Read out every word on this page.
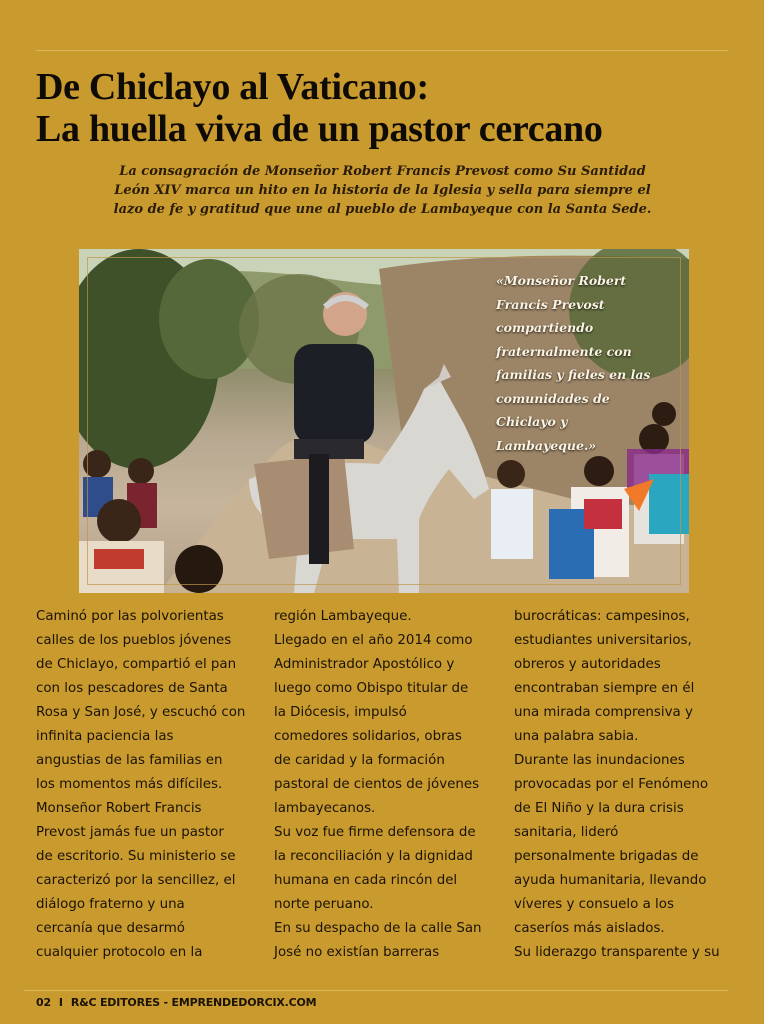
De Chiclayo al Vaticano:
La huella viva de un pastor cercano

La consagración de Monseñor Robert Francis Prevost como Su Santidad León XIV marca un hito en la historia de la Iglesia y sella para siempre el lazo de fe y gratitud que une al pueblo de Lambayeque con la Santa Sede.

«Monseñor Robert Francis Prevost compartiendo fraternalmente con familias y fieles en las comunidades de Chiclayo y Lambayeque.»

Caminó por las polvorientas
calles de los pueblos jóvenes
de Chiclayo, compartió el pan
con los pescadores de Santa
Rosa y San José, y escuchó con
infinita paciencia las
angustias de las familias en
los momentos más difíciles.
Monseñor Robert Francis
Prevost jamás fue un pastor
de escritorio. Su ministerio se
caracterizó por la sencillez, el
diálogo fraterno y una
cercanía que desarmó
cualquier protocolo en la

región Lambayeque.
Llegado en el año 2014 como
Administrador Apostólico y
luego como Obispo titular de
la Diócesis, impulsó
comedores solidarios, obras
de caridad y la formación
pastoral de cientos de jóvenes
lambayecanos.
Su voz fue firme defensora de
la reconciliación y la dignidad
humana en cada rincón del
norte peruano.
En su despacho de la calle San
José no existían barreras

burocráticas: campesinos,
estudiantes universitarios,
obreros y autoridades
encontraban siempre en él
una mirada comprensiva y
una palabra sabia.
Durante las inundaciones
provocadas por el Fenómeno
de El Niño y la dura crisis
sanitaria, lideró
personalmente brigadas de
ayuda humanitaria, llevando
víveres y consuelo a los
caseríos más aislados.
Su liderazgo transparente y su

02 I R&C EDITORES - EMPRENDEDORCIX.COM
